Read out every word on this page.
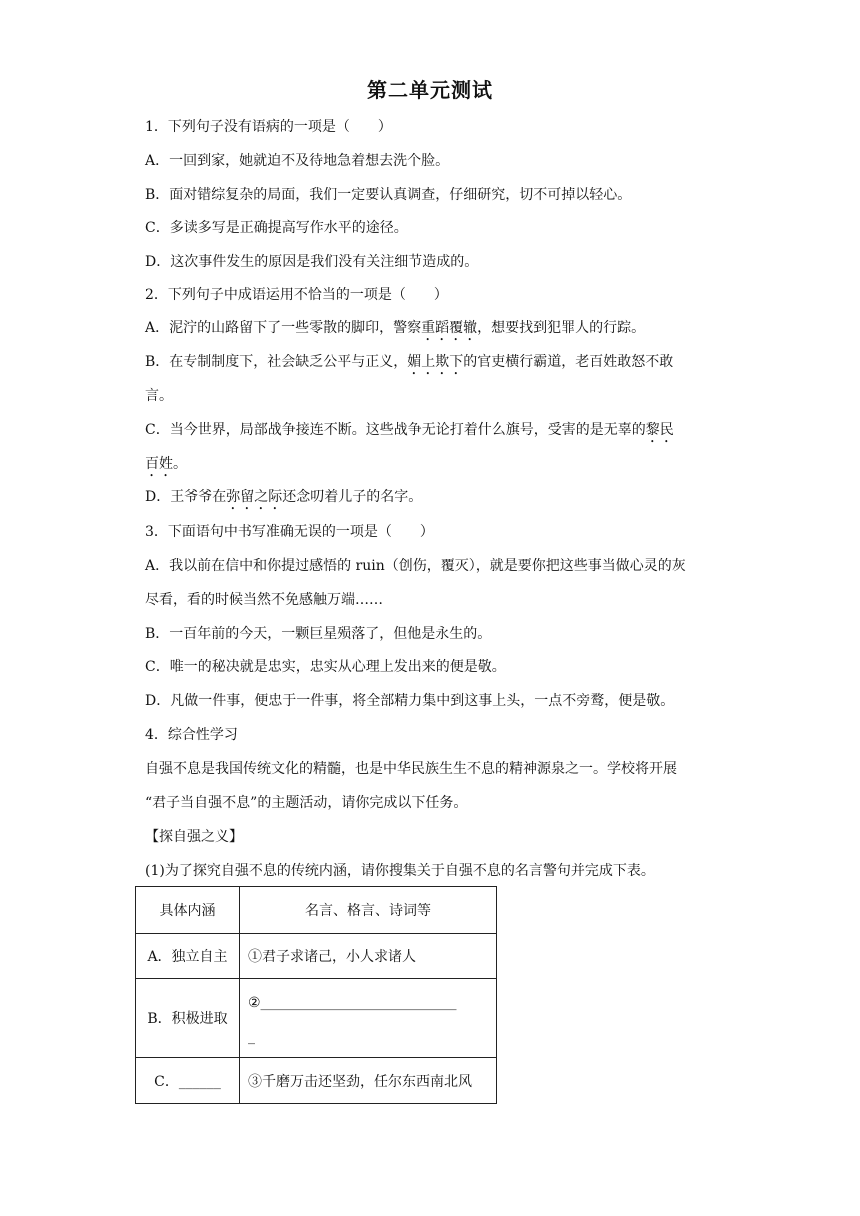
第二单元测试
1．下列句子没有语病的一项是（　　）
A．一回到家，她就迫不及待地急着想去洗个脸。
B．面对错综复杂的局面，我们一定要认真调查，仔细研究，切不可掉以轻心。
C．多读多写是正确提高写作水平的途径。
D．这次事件发生的原因是我们没有关注细节造成的。
2．下列句子中成语运用不恰当的一项是（　　）
A．泥泞的山路留下了一些零散的脚印，警察重蹈覆辙，想要找到犯罪人的行踪。
B．在专制制度下，社会缺乏公平与正义，媚上欺下的官吏横行霸道，老百姓敢怒不敢
言。
C．当今世界，局部战争接连不断。这些战争无论打着什么旗号，受害的是无辜的黎民
百姓。
D．王爷爷在弥留之际还念叨着儿子的名字。
3．下面语句中书写准确无误的一项是（　　）
A．我以前在信中和你提过感悟的 ruin（创伤，覆灭），就是要你把这些事当做心灵的灰
尽看，看的时候当然不免感触万端……
B．一百年前的今天，一颗巨星殒落了，但他是永生的。
C．唯一的秘决就是忠实，忠实从心理上发出来的便是敬。
D．凡做一件事，便忠于一件事，将全部精力集中到这事上头，一点不旁鹜，便是敬。
4．综合性学习
自强不息是我国传统文化的精髓，也是中华民族生生不息的精神源泉之一。学校将开展
“君子当自强不息”的主题活动，请你完成以下任务。
【探自强之义】
(1)为了探究自强不息的传统内涵，请你搜集关于自强不息的名言警句并完成下表。
具体内涵	名言、格言、诗词等
A．独立自主	①君子求诸己，小人求诸人
B．积极进取	②____________________________
_

C．______	③千磨万击还坚劲，任尔东西南北风
